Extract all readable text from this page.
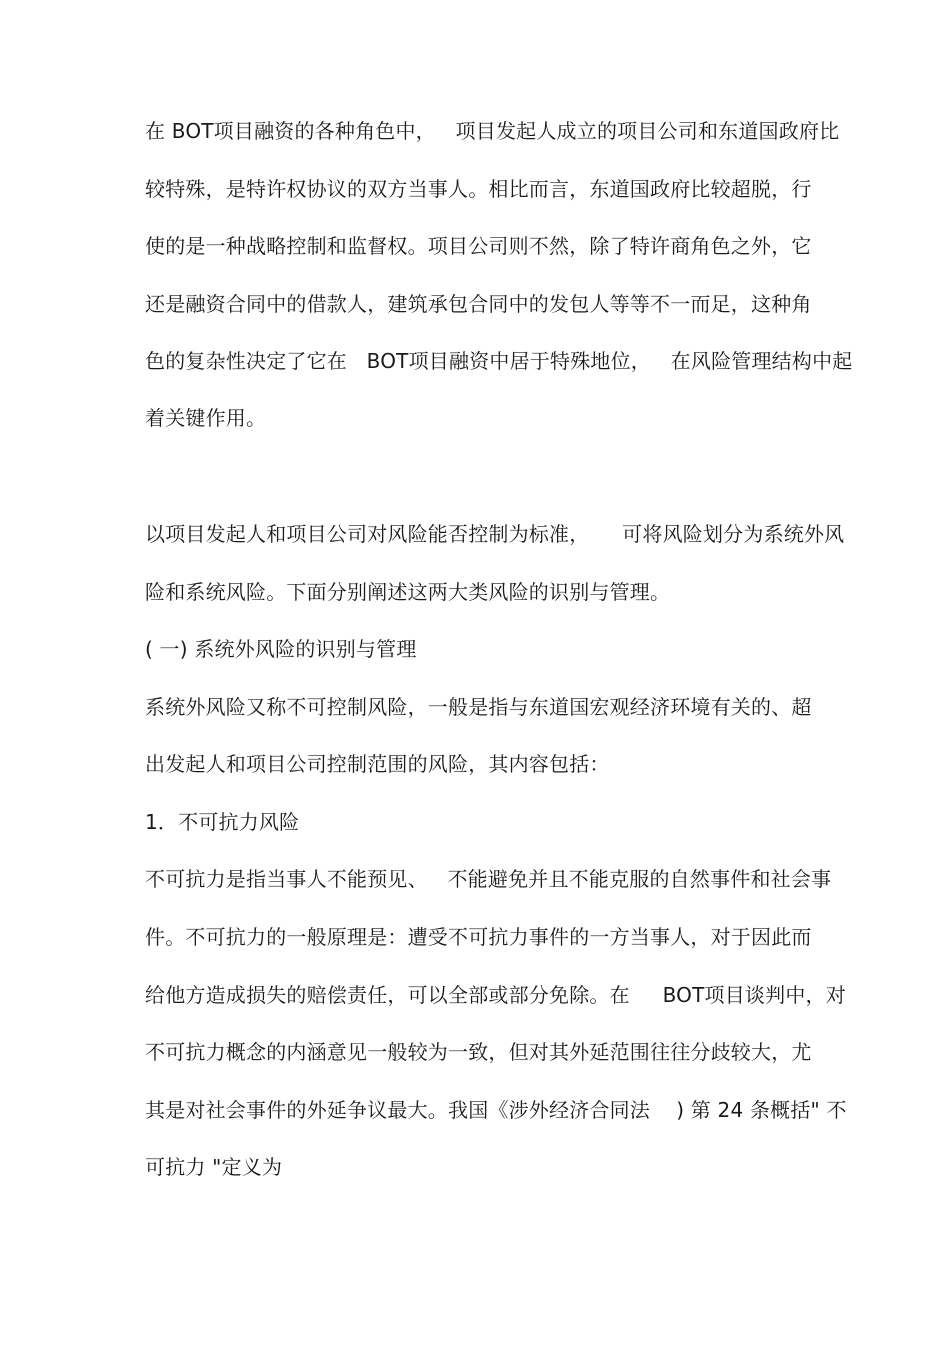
在 BOT项目融资的各种角色中，   项目发起人成立的项目公司和东道国政府比
较特殊，是特许权协议的双方当事人。相比而言，东道国政府比较超脱，行
使的是一种战略控制和监督权。项目公司则不然，除了特许商角色之外，它
还是融资合同中的借款人，建筑承包合同中的发包人等等不一而足，这种角
色的复杂性决定了它在   BOT项目融资中居于特殊地位，   在风险管理结构中起
着关键作用。
以项目发起人和项目公司对风险能否控制为标准，     可将风险划分为系统外风
险和系统风险。下面分别阐述这两大类风险的识别与管理。
( 一) 系统外风险的识别与管理
系统外风险又称不可控制风险，一般是指与东道国宏观经济环境有关的、超
出发起人和项目公司控制范围的风险，其内容包括：
1．不可抗力风险
不可抗力是指当事人不能预见、   不能避免并且不能克服的自然事件和社会事
件。不可抗力的一般原理是：遭受不可抗力事件的一方当事人，对于因此而
给他方造成损失的赔偿责任，可以全部或部分免除。在     BOT项目谈判中，对
不可抗力概念的内涵意见一般较为一致，但对其外延范围往往分歧较大，尤
其是对社会事件的外延争议最大。我国《涉外经济合同法    ) 第 24 条概括" 不
可抗力 "定义为
